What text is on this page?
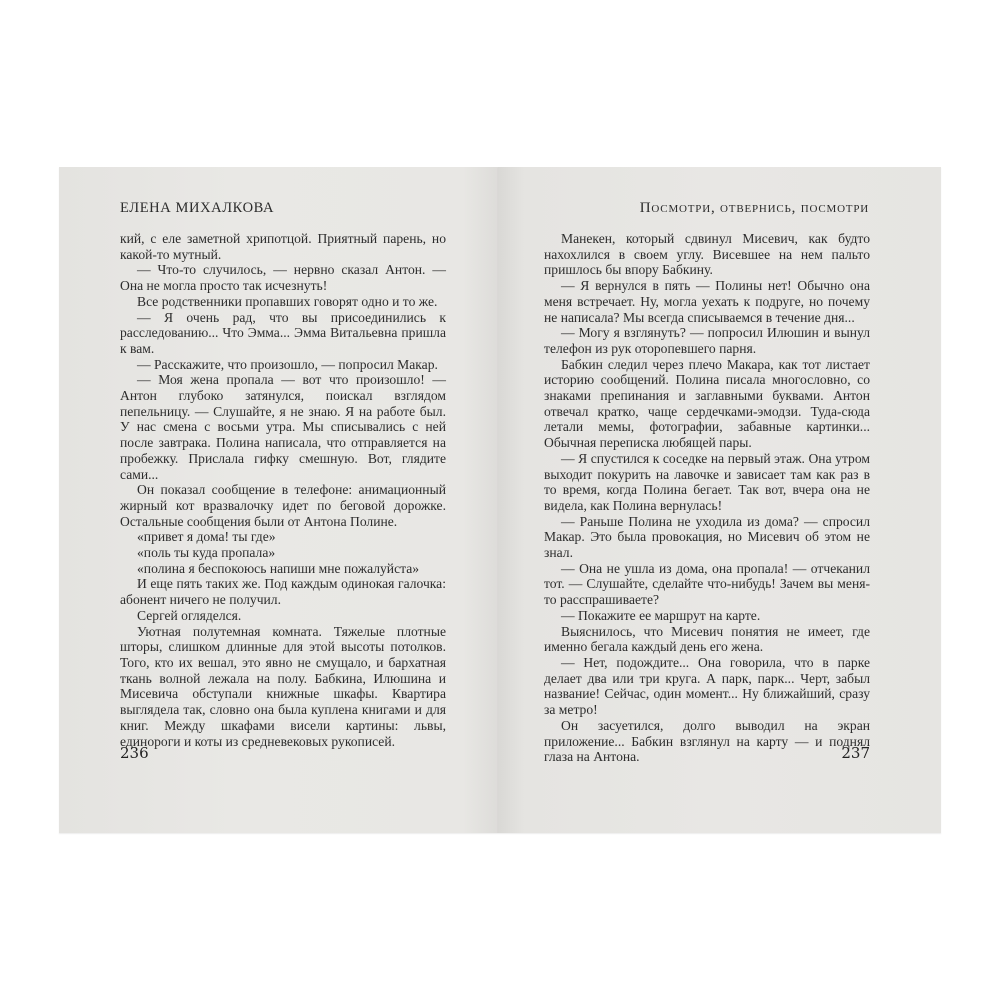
ЕЛЕНА МИХАЛКОВА

кий, с еле заметной хрипотцой. Приятный парень, но какой-то мутный.

— Что-то случилось, — нервно сказал Антон. — Она не могла просто так исчезнуть!

Все родственники пропавших говорят одно и то же.

— Я очень рад, что вы присоединились к расследованию... Что Эмма... Эмма Витальевна пришла к вам.

— Расскажите, что произошло, — попросил Макар.

— Моя жена пропала — вот что произошло! — Антон глубоко затянулся, поискал взглядом пепельницу. — Слушайте, я не знаю. Я на работе был. У нас смена с восьми утра. Мы списывались с ней после завтрака. Полина написала, что отправляется на пробежку. Прислала гифку смешную. Вот, глядите сами...

Он показал сообщение в телефоне: анимационный жирный кот вразвалочку идет по беговой дорожке. Остальные сообщения были от Антона Полине.

«привет я дома! ты где»

«поль ты куда пропала»

«полина я беспокоюсь напиши мне пожалуйста»

И еще пять таких же. Под каждым одинокая галочка: абонент ничего не получил.

Сергей огляделся.

Уютная полутемная комната. Тяжелые плотные шторы, слишком длинные для этой высоты потолков. Того, кто их вешал, это явно не смущало, и бархатная ткань волной лежала на полу. Бабкина, Илюшина и Мисевича обступали книжные шкафы. Квартира выглядела так, словно она была куплена книгами и для книг. Между шкафами висели картины: львы, единороги и коты из средневековых рукописей.

236
Посмотри, отвернись, посмотри

Манекен, который сдвинул Мисевич, как будто нахохлился в своем углу. Висевшее на нем пальто пришлось бы впору Бабкину.

— Я вернулся в пять — Полины нет! Обычно она меня встречает. Ну, могла уехать к подруге, но почему не написала? Мы всегда списываемся в течение дня...

— Могу я взглянуть? — попросил Илюшин и вынул телефон из рук оторопевшего парня.

Бабкин следил через плечо Макара, как тот листает историю сообщений. Полина писала многословно, со знаками препинания и заглавными буквами. Антон отвечал кратко, чаще сердечками-эмодзи. Туда-сюда летали мемы, фотографии, забавные картинки... Обычная переписка любящей пары.

— Я спустился к соседке на первый этаж. Она утром выходит покурить на лавочке и зависает там как раз в то время, когда Полина бегает. Так вот, вчера она не видела, как Полина вернулась!

— Раньше Полина не уходила из дома? — спросил Макар. Это была провокация, но Мисевич об этом не знал.

— Она не ушла из дома, она пропала! — отчеканил тот. — Слушайте, сделайте что-нибудь! Зачем вы меня-то расспрашиваете?

— Покажите ее маршрут на карте.

Выяснилось, что Мисевич понятия не имеет, где именно бегала каждый день его жена.

— Нет, подождите... Она говорила, что в парке делает два или три круга. А парк, парк... Черт, забыл название! Сейчас, один момент... Ну ближайший, сразу за метро!

Он засуетился, долго выводил на экран приложение... Бабкин взглянул на карту — и поднял глаза на Антона.	237
